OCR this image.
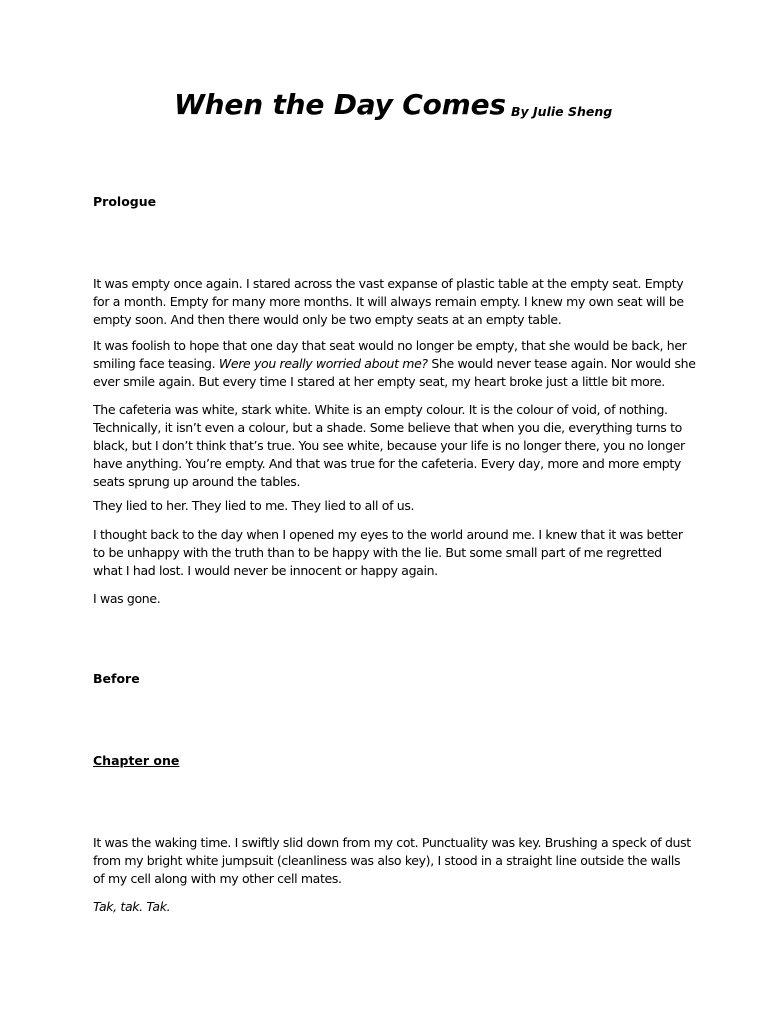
When the Day Comes By Julie Sheng
Prologue
It was empty once again. I stared across the vast expanse of plastic table at the empty seat. Empty
for a month. Empty for many more months. It will always remain empty. I knew my own seat will be
empty soon. And then there would only be two empty seats at an empty table.
It was foolish to hope that one day that seat would no longer be empty, that she would be back, her
smiling face teasing. Were you really worried about me? She would never tease again. Nor would she
ever smile again. But every time I stared at her empty seat, my heart broke just a little bit more.
The cafeteria was white, stark white. White is an empty colour. It is the colour of void, of nothing.
Technically, it isn’t even a colour, but a shade. Some believe that when you die, everything turns to
black, but I don’t think that’s true. You see white, because your life is no longer there, you no longer
have anything. You’re empty. And that was true for the cafeteria. Every day, more and more empty
seats sprung up around the tables.
They lied to her. They lied to me. They lied to all of us.
I thought back to the day when I opened my eyes to the world around me. I knew that it was better
to be unhappy with the truth than to be happy with the lie. But some small part of me regretted
what I had lost. I would never be innocent or happy again.
I was gone.
Before
Chapter one
It was the waking time. I swiftly slid down from my cot. Punctuality was key. Brushing a speck of dust
from my bright white jumpsuit (cleanliness was also key), I stood in a straight line outside the walls
of my cell along with my other cell mates.
Tak, tak. Tak.
